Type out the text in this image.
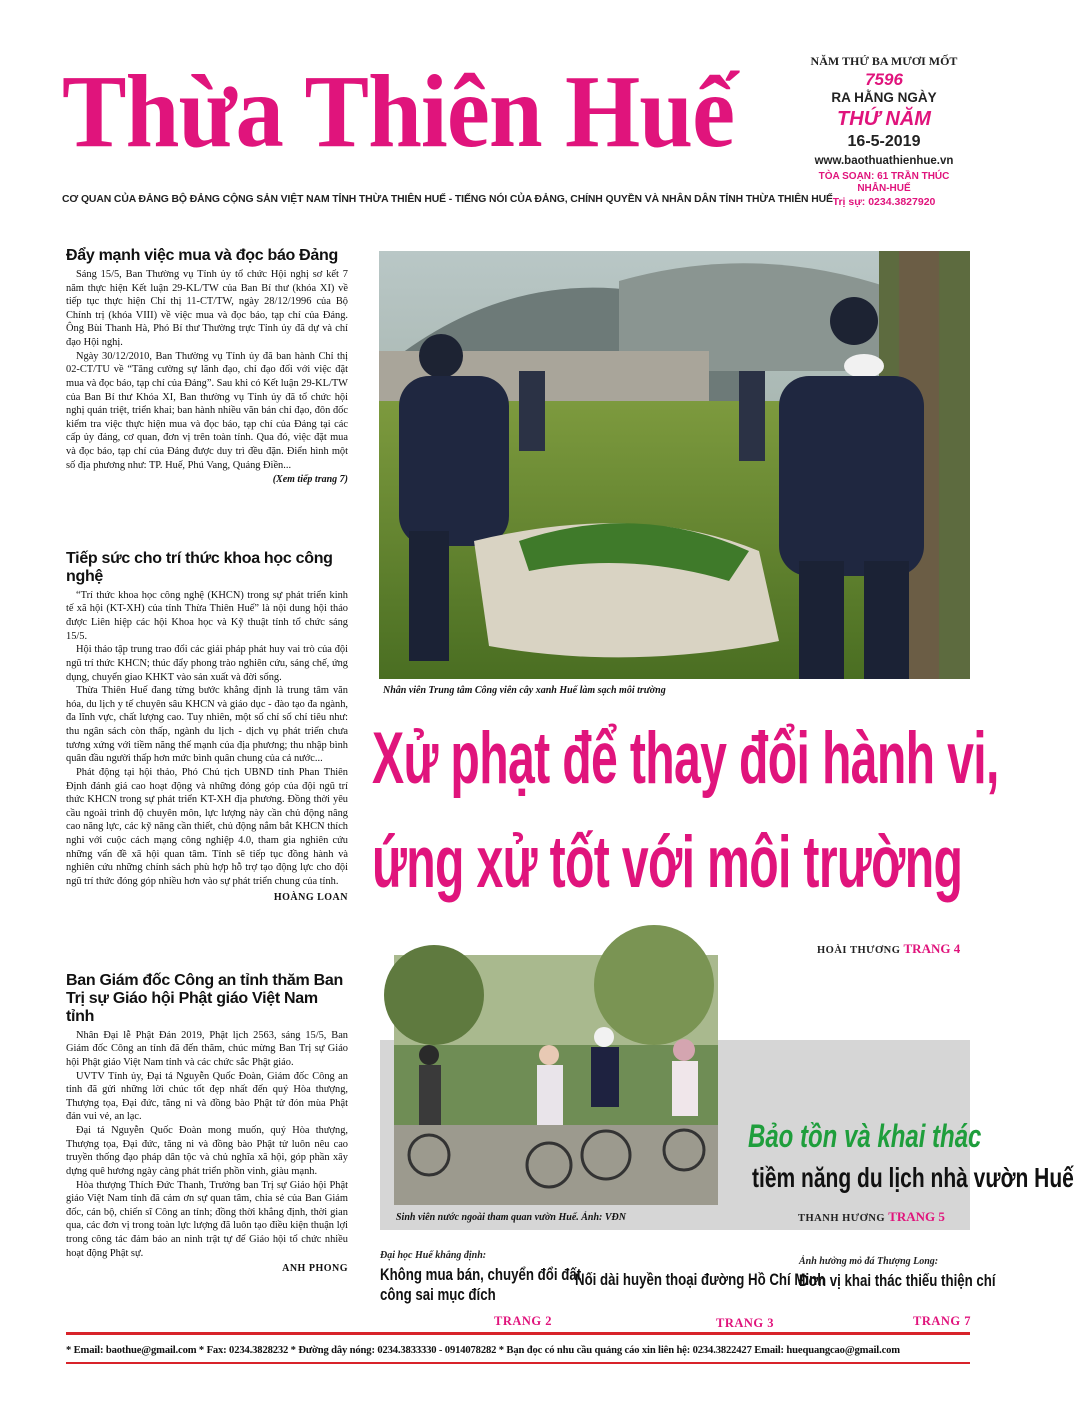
Thừa Thiên Huế
CƠ QUAN CỦA ĐẢNG BỘ ĐẢNG CỘNG SẢN VIỆT NAM TỈNH THỪA THIÊN HUẾ - TIẾNG NÓI CỦA ĐẢNG, CHÍNH QUYỀN VÀ NHÂN DÂN TỈNH THỪA THIÊN HUẾ
NĂM THỨ BA MƯƠI MỐT
7596
RA HẰNG NGÀY
THỨ NĂM
16-5-2019
www.baothuathienhue.vn
TÒA SOẠN: 61 TRẦN THÚC NHẪN-HUẾ
Trị sự: 0234.3827920
Đẩy mạnh việc mua và đọc báo Đảng

Sáng 15/5, Ban Thường vụ Tỉnh ủy tổ chức Hội nghị sơ kết 7 năm thực hiện Kết luận 29-KL/TW của Ban Bí thư (khóa XI) về tiếp tục thực hiện Chỉ thị 11-CT/TW, ngày 28/12/1996 của Bộ Chính trị (khóa VIII) về việc mua và đọc báo, tạp chí của Đảng. Ông Bùi Thanh Hà, Phó Bí thư Thường trực Tỉnh ủy đã dự và chỉ đạo Hội nghị.

Ngày 30/12/2010, Ban Thường vụ Tỉnh ủy đã ban hành Chỉ thị 02-CT/TU về “Tăng cường sự lãnh đạo, chỉ đạo đối với việc đặt mua và đọc báo, tạp chí của Đảng”. Sau khi có Kết luận 29-KL/TW của Ban Bí thư Khóa XI, Ban thường vụ Tỉnh ủy đã tổ chức hội nghị quán triệt, triển khai; ban hành nhiều văn bản chỉ đạo, đôn đốc kiểm tra việc thực hiện mua và đọc báo, tạp chí của Đảng tại các cấp ủy đảng, cơ quan, đơn vị trên toàn tỉnh. Qua đó, việc đặt mua và đọc báo, tạp chí của Đảng được duy trì đều đặn. Điển hình một số địa phương như: TP. Huế, Phú Vang, Quảng Điền...

(Xem tiếp trang 7)
Tiếp sức cho trí thức khoa học công nghệ

“Trí thức khoa học công nghệ (KHCN) trong sự phát triển kinh tế xã hội (KT-XH) của tỉnh Thừa Thiên Huế” là nội dung hội thảo được Liên hiệp các hội Khoa học và Kỹ thuật tỉnh tổ chức sáng 15/5.

Hội thảo tập trung trao đổi các giải pháp phát huy vai trò của đội ngũ trí thức KHCN; thúc đẩy phong trào nghiên cứu, sáng chế, ứng dụng, chuyển giao KHKT vào sản xuất và đời sống.

Thừa Thiên Huế đang từng bước khẳng định là trung tâm văn hóa, du lịch y tế chuyên sâu KHCN và giáo dục - đào tạo đa ngành, đa lĩnh vực, chất lượng cao. Tuy nhiên, một số chỉ số chỉ tiêu như: thu ngân sách còn thấp, ngành du lịch - dịch vụ phát triển chưa tương xứng với tiềm năng thế mạnh của địa phương; thu nhập bình quân đầu người thấp hơn mức bình quân chung của cả nước...

Phát động tại hội thảo, Phó Chủ tịch UBND tỉnh Phan Thiên Định đánh giá cao hoạt động và những đóng góp của đội ngũ trí thức KHCN trong sự phát triển KT-XH địa phương. Đồng thời yêu cầu ngoài trình độ chuyên môn, lực lượng này cần chủ động nâng cao năng lực, các kỹ năng cần thiết, chủ động nắm bắt KHCN thích nghi với cuộc cách mạng công nghiệp 4.0, tham gia nghiên cứu những vấn đề xã hội quan tâm. Tỉnh sẽ tiếp tục đồng hành và nghiên cứu những chính sách phù hợp hỗ trợ tạo động lực cho đội ngũ trí thức đóng góp nhiều hơn vào sự phát triển chung của tỉnh.

HOÀNG LOAN
Ban Giám đốc Công an tỉnh thăm Ban Trị sự Giáo hội Phật giáo Việt Nam tỉnh

Nhân Đại lễ Phật Đản 2019, Phật lịch 2563, sáng 15/5, Ban Giám đốc Công an tỉnh đã đến thăm, chúc mừng Ban Trị sự Giáo hội Phật giáo Việt Nam tỉnh và các chức sắc Phật giáo.

UVTV Tỉnh ủy, Đại tá Nguyễn Quốc Đoàn, Giám đốc Công an tỉnh đã gửi những lời chúc tốt đẹp nhất đến quý Hòa thượng, Thượng tọa, Đại đức, tăng ni và đồng bào Phật tử đón mùa Phật đản vui vẻ, an lạc.

Đại tá Nguyễn Quốc Đoàn mong muốn, quý Hòa thượng, Thượng tọa, Đại đức, tăng ni và đồng bào Phật tử luôn nêu cao truyền thống đạo pháp dân tộc và chủ nghĩa xã hội, góp phần xây dựng quê hương ngày càng phát triển phồn vinh, giàu mạnh.

Hòa thượng Thích Đức Thanh, Trưởng ban Trị sự Giáo hội Phật giáo Việt Nam tỉnh đã cảm ơn sự quan tâm, chia sẻ của Ban Giám đốc, cán bộ, chiến sĩ Công an tỉnh; đồng thời khẳng định, thời gian qua, các đơn vị trong toàn lực lượng đã luôn tạo điều kiện thuận lợi trong công tác đảm bảo an ninh trật tự để Giáo hội tổ chức nhiều hoạt động Phật sự.

ANH PHONG
Nhân viên Trung tâm Công viên cây xanh Huế làm sạch môi trường
Xử phạt để thay đổi hành vi,
ứng xử tốt với môi trường
HOÀI THƯƠNG TRANG 4
Sinh viên nước ngoài tham quan vườn Huế. Ảnh: VĐN
Bảo tồn và khai thác
tiềm năng du lịch nhà vườn Huế
THANH HƯƠNG TRANG 5
Đại học Huế khẳng định:
Không mua bán, chuyển đổi đất
công sai mục đích
TRANG 2
Nối dài huyền thoại đường Hồ Chí Minh
TRANG 3
Ảnh hưởng mỏ đá Thượng Long:
Đơn vị khai thác thiếu thiện chí
TRANG 7
* Email: baothue@gmail.com * Fax: 0234.3828232 * Đường dây nóng: 0234.3833330 - 0914078282 * Bạn đọc có nhu cầu quảng cáo xin liên hệ: 0234.3822427 Email: huequangcao@gmail.com
